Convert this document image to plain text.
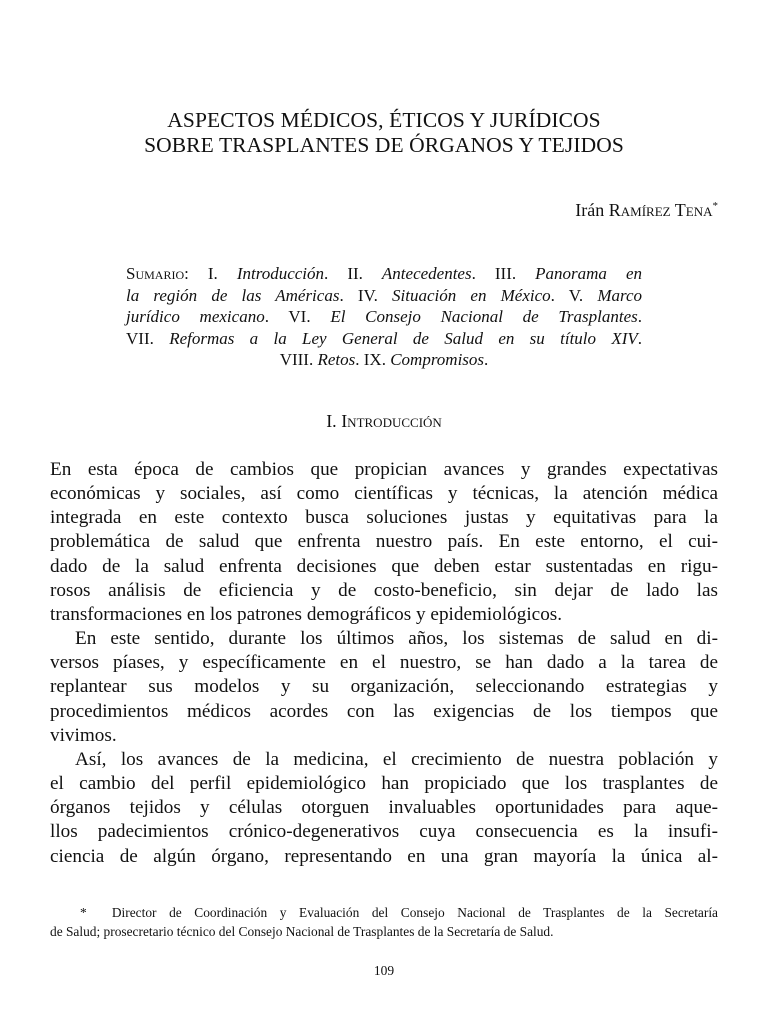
ASPECTOS MÉDICOS, ÉTICOS Y JURÍDICOS
SOBRE TRASPLANTES DE ÓRGANOS Y TEJIDOS
Irán Ramírez Tena*
Sumario: I. Introducción. II. Antecedentes. III. Panorama en
la región de las Américas. IV. Situación en México. V. Marco
jurídico mexicano. VI. El Consejo Nacional de Trasplantes.
VII. Reformas a la Ley General de Salud en su título XIV.
VIII. Retos. IX. Compromisos.
I. Introducción
En esta época de cambios que propician avances y grandes expectativas
económicas y sociales, así como científicas y técnicas, la atención médica
integrada en este contexto busca soluciones justas y equitativas para la
problemática de salud que enfrenta nuestro país. En este entorno, el cui-
dado de la salud enfrenta decisiones que deben estar sustentadas en rigu-
rosos análisis de eficiencia y de costo-beneficio, sin dejar de lado las
transformaciones en los patrones demográficos y epidemiológicos.
En este sentido, durante los últimos años, los sistemas de salud en di-
versos píases, y específicamente en el nuestro, se han dado a la tarea de
replantear sus modelos y su organización, seleccionando estrategias y
procedimientos médicos acordes con las exigencias de los tiempos que
vivimos.
Así, los avances de la medicina, el crecimiento de nuestra población y
el cambio del perfil epidemiológico han propiciado que los trasplantes de
órganos tejidos y células otorguen invaluables oportunidades para aque-
llos padecimientos crónico-degenerativos cuya consecuencia es la insufi-
ciencia de algún órgano, representando en una gran mayoría la única al-
* Director de Coordinación y Evaluación del Consejo Nacional de Trasplantes de la Secretaría
de Salud; prosecretario técnico del Consejo Nacional de Trasplantes de la Secretaría de Salud.
109
